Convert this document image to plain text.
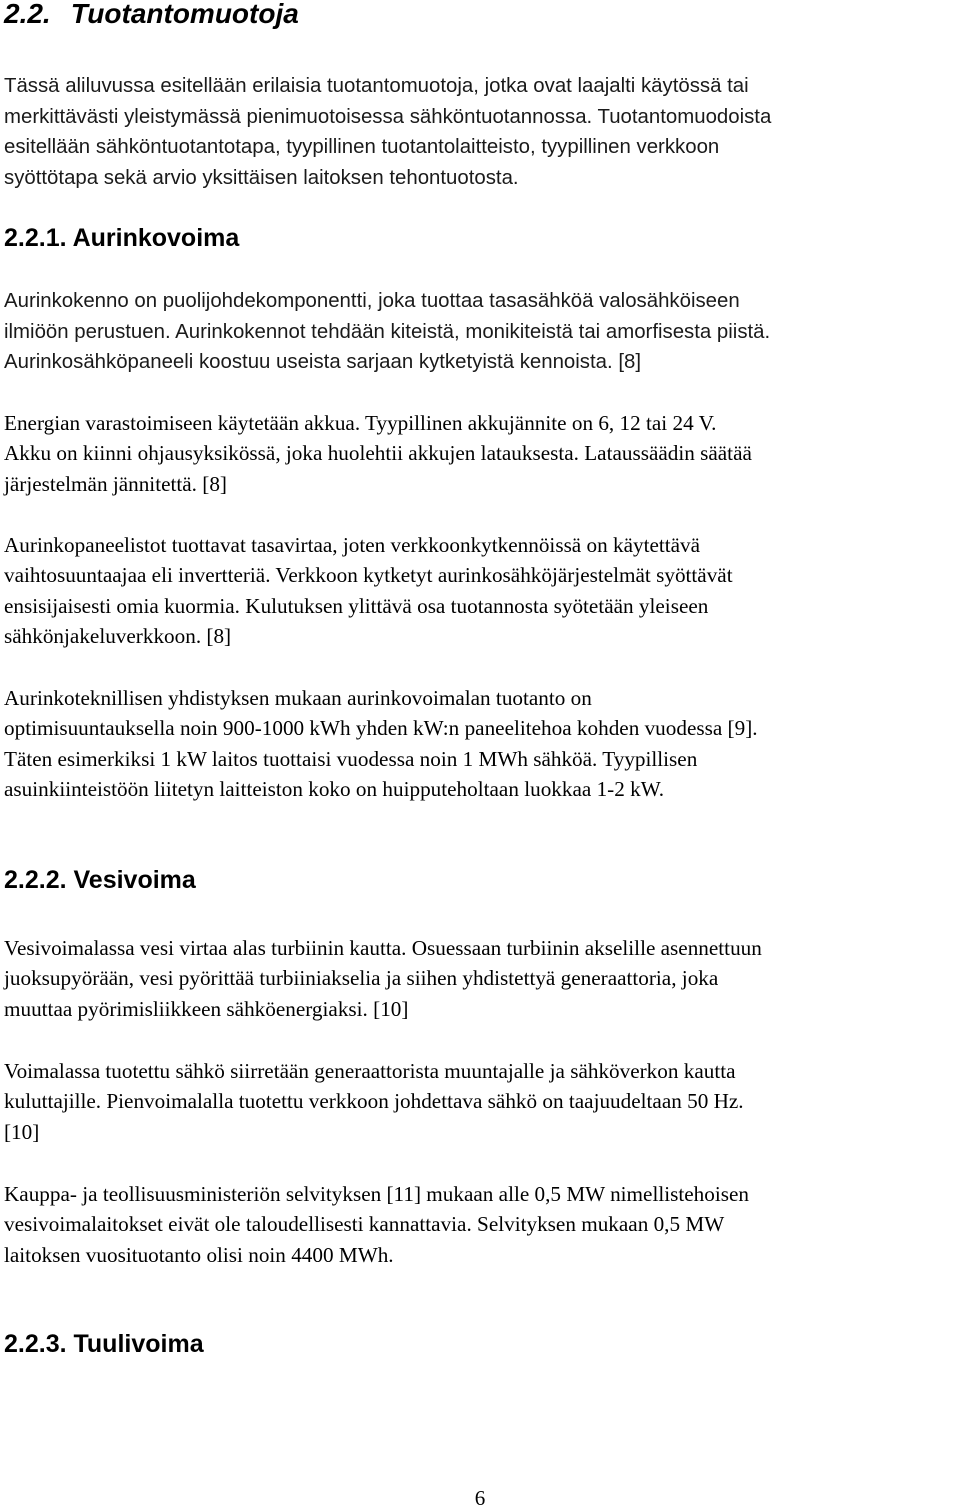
2.2. Tuotantomuotoja

Tässä aliluvussa esitellään erilaisia tuotantomuotoja, jotka ovat laajalti käytössä tai
merkittävästi yleistymässä pienimuotoisessa sähköntuotannossa. Tuotantomuodoista
esitellään sähköntuotantotapa, tyypillinen tuotantolaitteisto, tyypillinen verkkoon
syöttötapa sekä arvio yksittäisen laitoksen tehontuotosta.

2.2.1. Aurinkovoima

Aurinkokenno on puolijohdekomponentti, joka tuottaa tasasähköä valosähköiseen
ilmiöön perustuen. Aurinkokennot tehdään kiteistä, monikiteistä tai amorfisesta piistä.
Aurinkosähköpaneeli koostuu useista sarjaan kytketyistä kennoista. [8]

Energian varastoimiseen käytetään akkua. Tyypillinen akkujännite on 6, 12 tai 24 V.
Akku on kiinni ohjausyksikössä, joka huolehtii akkujen latauksesta. Lataussäädin säätää
järjestelmän jännitettä. [8]

Aurinkopaneelistot tuottavat tasavirtaa, joten verkkoonkytkennöissä on käytettävä
vaihtosuuntaajaa eli invertteriä. Verkkoon kytketyt aurinkosähköjärjestelmät syöttävät
ensisijaisesti omia kuormia. Kulutuksen ylittävä osa tuotannosta syötetään yleiseen
sähkönjakeluverkkoon. [8]

Aurinkoteknillisen yhdistyksen mukaan aurinkovoimalan tuotanto on
optimisuuntauksella noin 900-1000 kWh yhden kW:n paneelitehoa kohden vuodessa [9].
Täten esimerkiksi 1 kW laitos tuottaisi vuodessa noin 1 MWh sähköä. Tyypillisen
asuinkiinteistöön liitetyn laitteiston koko on huipputeholtaan luokkaa 1-2 kW.

2.2.2. Vesivoima

Vesivoimalassa vesi virtaa alas turbiinin kautta. Osuessaan turbiinin akselille asennettuun
juoksupyörään, vesi pyörittää turbiiniakselia ja siihen yhdistettyä generaattoria, joka
muuttaa pyörimisliikkeen sähköenergiaksi. [10]

Voimalassa tuotettu sähkö siirretään generaattorista muuntajalle ja sähköverkon kautta
kuluttajille. Pienvoimalalla tuotettu verkkoon johdettava sähkö on taajuudeltaan 50 Hz.
[10]

Kauppa- ja teollisuusministeriön selvityksen [11] mukaan alle 0,5 MW nimellistehoisen
vesivoimalaitokset eivät ole taloudellisesti kannattavia. Selvityksen mukaan 0,5 MW
laitoksen vuosituotanto olisi noin 4400 MWh.

2.2.3. Tuulivoima
6
